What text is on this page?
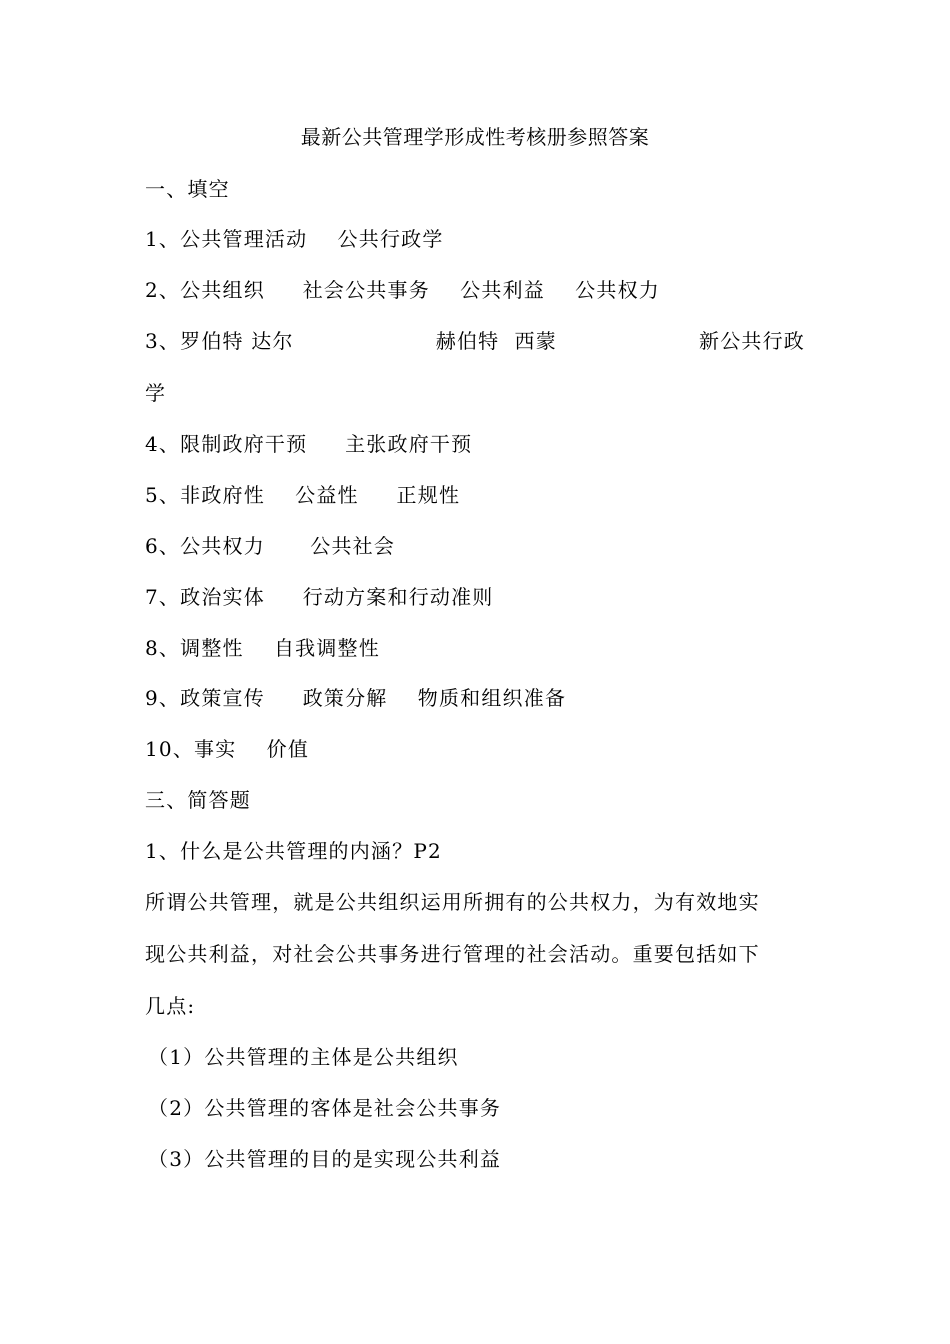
最新公共管理学形成性考核册参照答案
一、填空
1、公共管理活动    公共行政学
2、公共组织     社会公共事务    公共利益    公共权力
3、罗伯特 达尔	赫伯特  西蒙	新公共行政
学
4、限制政府干预     主张政府干预
5、非政府性    公益性     正规性
6、公共权力      公共社会
7、政治实体     行动方案和行动准则
8、调整性    自我调整性
9、政策宣传     政策分解    物质和组织准备
10、事实    价值
三、简答题
1、什么是公共管理的内涵？P2
所谓公共管理，就是公共组织运用所拥有的公共权力，为有效地实
现公共利益，对社会公共事务进行管理的社会活动。重要包括如下
几点:
（1）公共管理的主体是公共组织
（2）公共管理的客体是社会公共事务
（3）公共管理的目的是实现公共利益
